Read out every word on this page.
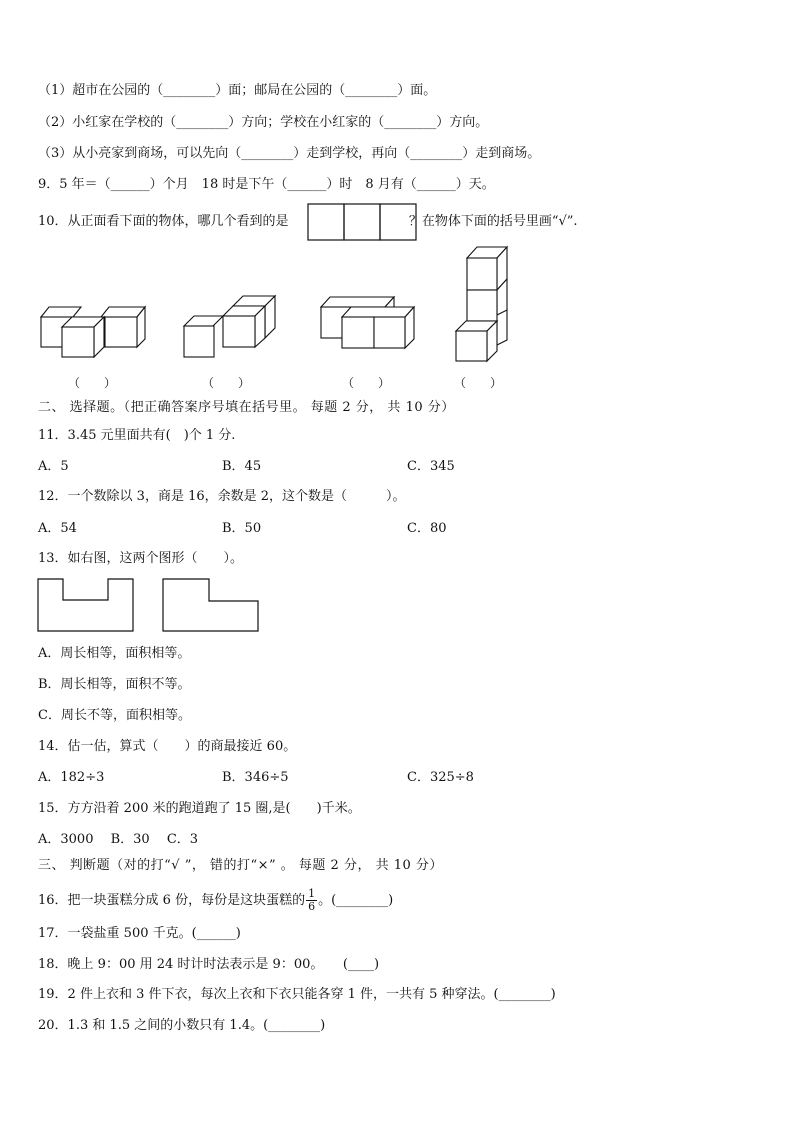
（1）超市在公园的（________）面；邮局在公园的（________）面。
（2）小红家在学校的（________）方向；学校在小红家的（________）方向。
（3）从小亮家到商场，可以先向（________）走到学校，再向（________）走到商场。
9．5 年＝（______）个月　18 时是下午（______）时　8 月有（______）天。
10．从正面看下面的物体，哪几个看到的是	？在物体下面的括号里画“√”.
（　　）	（　　）	（　　）	（　　）
二、 选择题。（把正确答案序号填在括号里。 每题 2 分， 共 10 分）
11．3.45 元里面共有(　)个 1 分.
A．5	B．45	C．345
12．一个数除以 3，商是 16，余数是 2，这个数是（　　　）。
A．54	B．50	C．80
13．如右图，这两个图形（　　）。
A．周长相等，面积相等。
B．周长相等，面积不等。
C．周长不等，面积相等。
14．估一估，算式（　　）的商最接近 60。
A．182÷3	B．346÷5	C．325÷8
15．方方沿着 200 米的跑道跑了 15 圈,是(　　)千米。
A．3000　 B．30　 C．3
三、 判断题（对的打“√ ”， 错的打“×” 。 每题 2 分， 共 10 分）
16．把一块蛋糕分成 6 份，每份是这块蛋糕的 $\frac{1}{6}$ 。(________)
17．一袋盐重 500 千克。(______)
18．晚上 9：00 用 24 时计时法表示是 9：00。　　(____)
19．2 件上衣和 3 件下衣，每次上衣和下衣只能各穿 1 件，一共有 5 种穿法。(________)
20．1.3 和 1.5 之间的小数只有 1.4。(________)
